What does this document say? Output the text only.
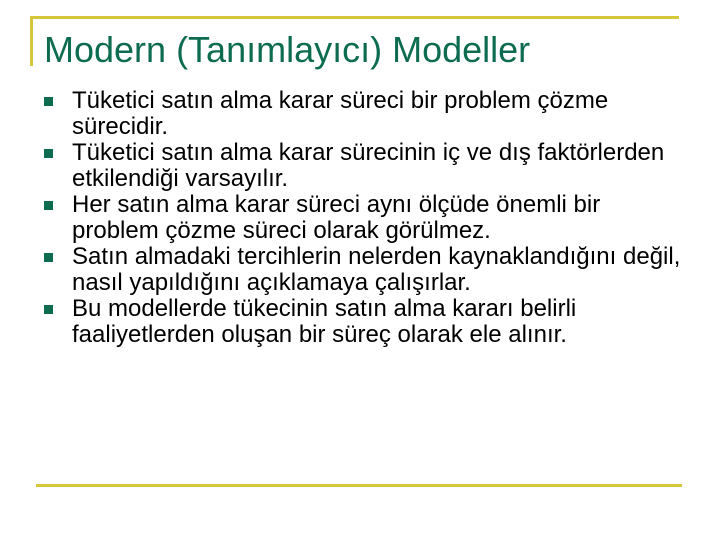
Modern (Tanımlayıcı) Modeller
Tüketici satın alma karar süreci bir problem çözme sürecidir.
Tüketici satın alma karar sürecinin iç ve dış faktörlerden etkilendiği varsayılır.
Her satın alma karar süreci aynı ölçüde önemli bir problem çözme süreci olarak görülmez.
Satın almadaki tercihlerin nelerden kaynaklandığını değil, nasıl yapıldığını açıklamaya çalışırlar.
Bu modellerde tükecinin satın alma kararı belirli faaliyetlerden oluşan bir süreç olarak ele alınır.
